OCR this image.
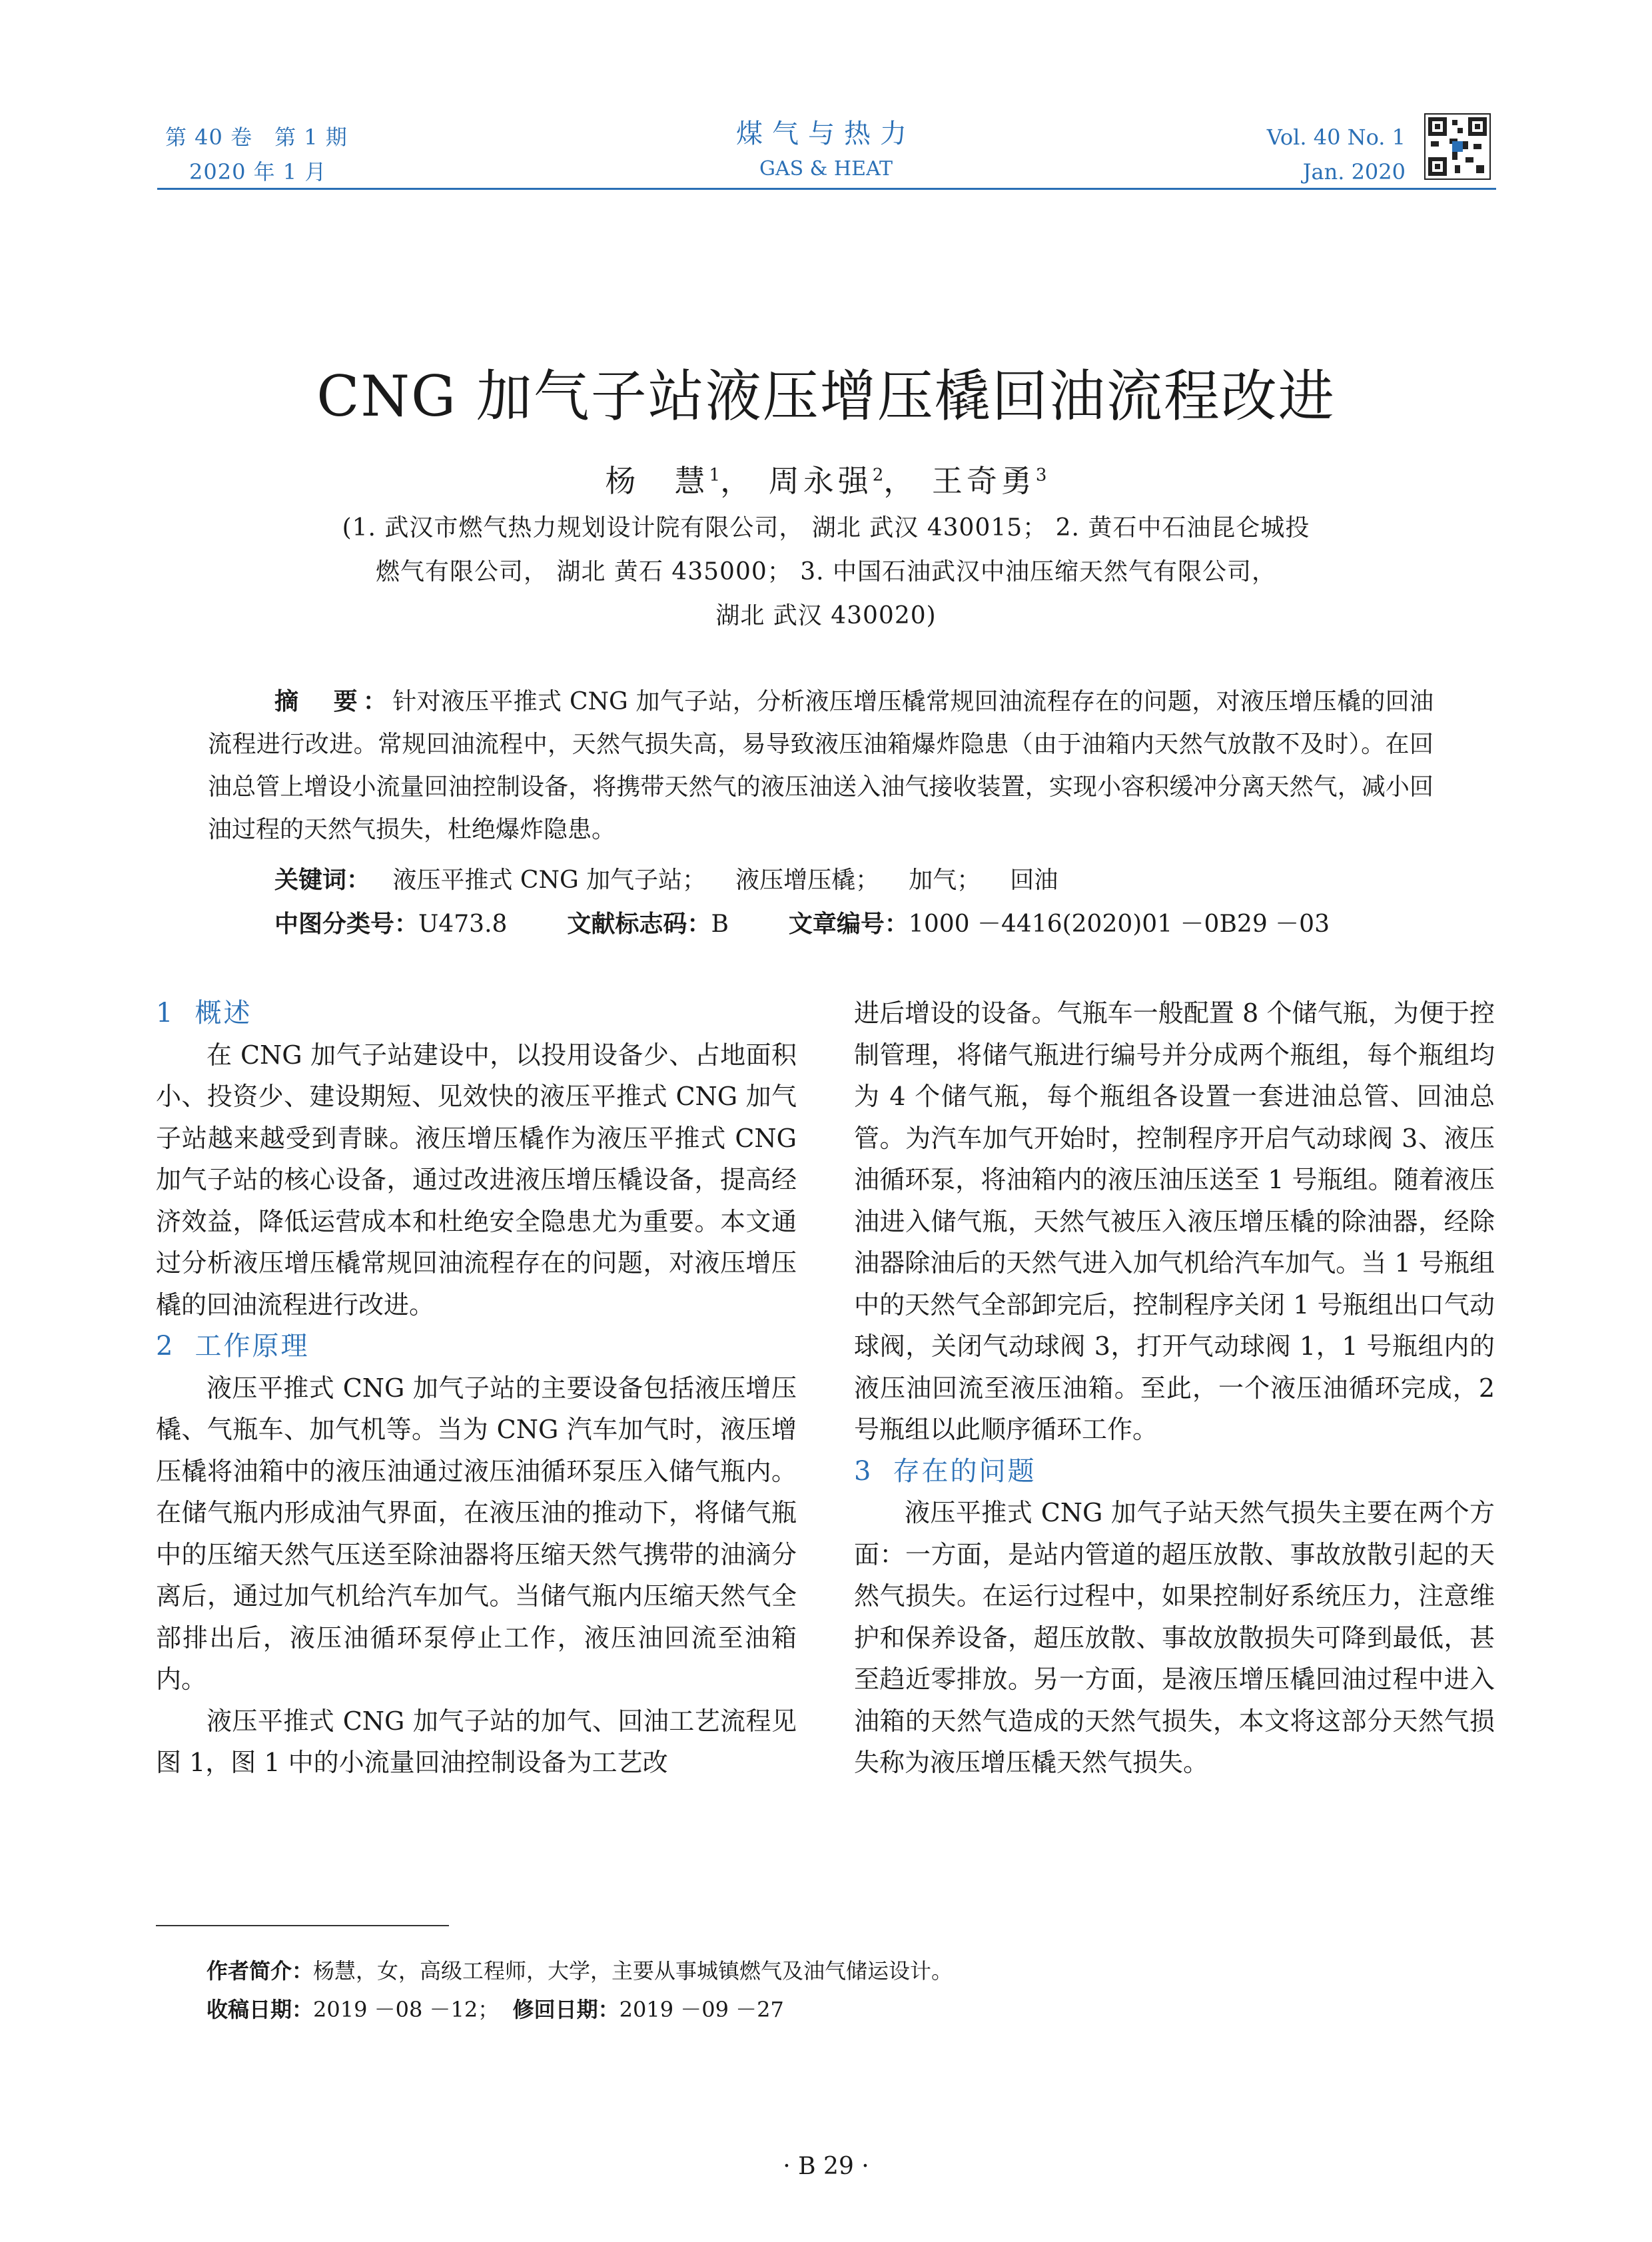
第 40 卷　第 1 期
2020 年 1 月
煤气与热力
GAS & HEAT
Vol. 40 No. 1
Jan. 2020
CNG 加气子站液压增压橇回油流程改进
杨　慧$^1$， 周永强$^2$， 王奇勇$^3$
(1. 武汉市燃气热力规划设计院有限公司， 湖北 武汉 430015； 2. 黄石中石油昆仑城投
燃气有限公司， 湖北 黄石 435000； 3. 中国石油武汉中油压缩天然气有限公司，
湖北 武汉 430020)
摘　要：针对液压平推式 CNG 加气子站，分析液压增压橇常规回油流程存在的问题，对液压增压橇的回油流程进行改进。常规回油流程中，天然气损失高，易导致液压油箱爆炸隐患（由于油箱内天然气放散不及时）。在回油总管上增设小流量回油控制设备，将携带天然气的液压油送入油气接收装置，实现小容积缓冲分离天然气，减小回油过程的天然气损失，杜绝爆炸隐患。
关键词： 液压平推式 CNG 加气子站； 液压增压橇； 加气； 回油
中图分类号：U473.8	文献标志码：B	文章编号：1000 －4416(2020)01 －0B29 －03

1 概述

在 CNG 加气子站建设中，以投用设备少、占地面积小、投资少、建设期短、见效快的液压平推式 CNG 加气子站越来越受到青睐。液压增压橇作为液压平推式 CNG 加气子站的核心设备，通过改进液压增压橇设备，提高经济效益，降低运营成本和杜绝安全隐患尤为重要。本文通过分析液压增压橇常规回油流程存在的问题，对液压增压橇的回油流程进行改进。

2 工作原理

液压平推式 CNG 加气子站的主要设备包括液压增压橇、气瓶车、加气机等。当为 CNG 汽车加气时，液压增压橇将油箱中的液压油通过液压油循环泵压入储气瓶内。在储气瓶内形成油气界面，在液压油的推动下，将储气瓶中的压缩天然气压送至除油器将压缩天然气携带的油滴分离后，通过加气机给汽车加气。当储气瓶内压缩天然气全部排出后，液压油循环泵停止工作，液压油回流至油箱内。

液压平推式 CNG 加气子站的加气、回油工艺流程见图 1，图 1 中的小流量回油控制设备为工艺改

进后增设的设备。气瓶车一般配置 8 个储气瓶，为便于控制管理，将储气瓶进行编号并分成两个瓶组，每个瓶组均为 4 个储气瓶，每个瓶组各设置一套进油总管、回油总管。为汽车加气开始时，控制程序开启气动球阀 3、液压油循环泵，将油箱内的液压油压送至 1 号瓶组。随着液压油进入储气瓶，天然气被压入液压增压橇的除油器，经除油器除油后的天然气进入加气机给汽车加气。当 1 号瓶组中的天然气全部卸完后，控制程序关闭 1 号瓶组出口气动球阀，关闭气动球阀 3，打开气动球阀 1，1 号瓶组内的液压油回流至液压油箱。至此，一个液压油循环完成，2 号瓶组以此顺序循环工作。

3 存在的问题

液压平推式 CNG 加气子站天然气损失主要在两个方面：一方面，是站内管道的超压放散、事故放散引起的天然气损失。在运行过程中，如果控制好系统压力，注意维护和保养设备，超压放散、事故放散损失可降到最低，甚至趋近零排放。另一方面，是液压增压橇回油过程中进入油箱的天然气造成的天然气损失，本文将这部分天然气损失称为液压增压橇天然气损失。

作者简介：杨慧，女，高级工程师，大学，主要从事城镇燃气及油气储运设计。
收稿日期：2019 －08 －12； 修回日期：2019 －09 －27
· B 29 ·
